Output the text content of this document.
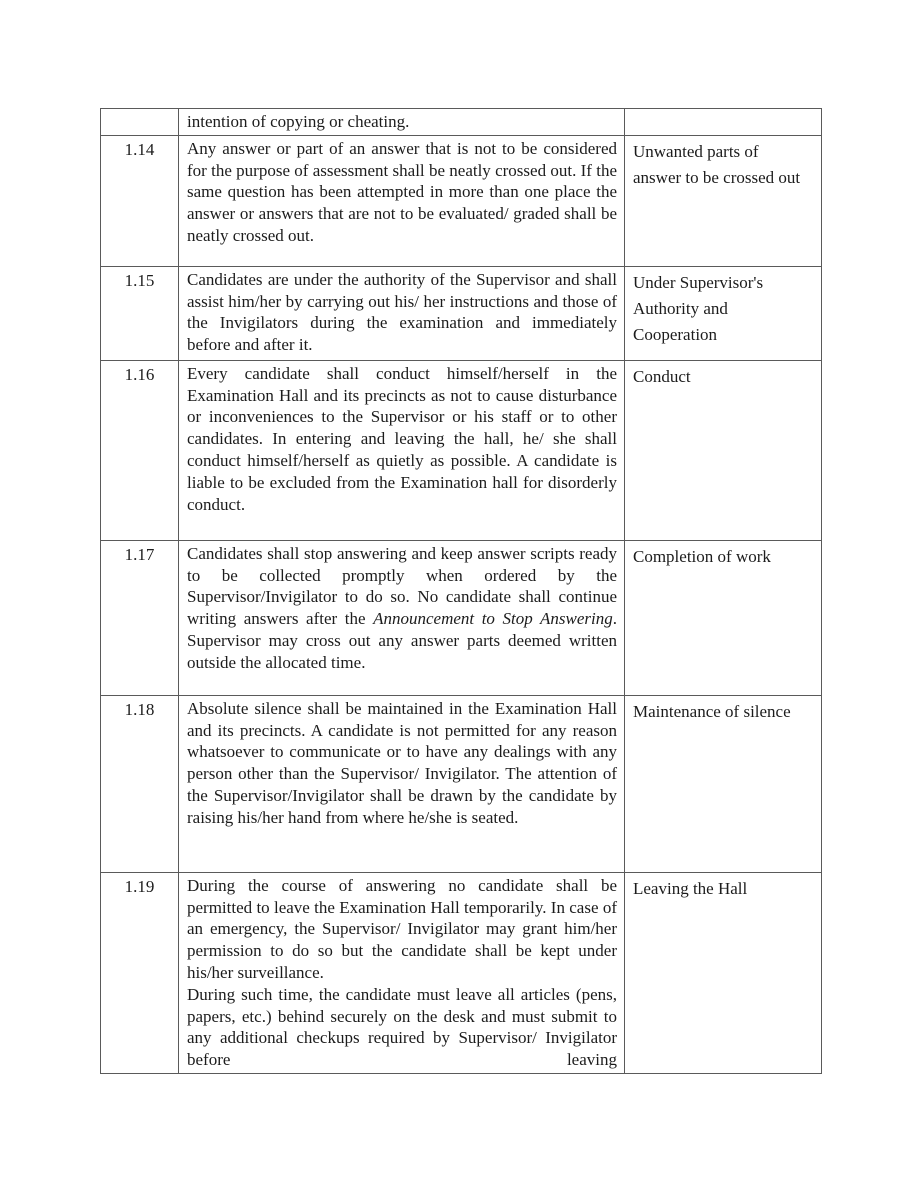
	intention of copying or cheating.	

1.14	Any answer or part of an answer that is not to be considered for the purpose of assessment shall be neatly crossed out. If the same question has been attempted in more than one place the answer or answers that are not to be evaluated/ graded shall be neatly crossed out.	Unwanted parts of answer to be crossed out
1.15	Candidates are under the authority of the Supervisor and shall assist him/her by carrying out his/ her instructions and those of the Invigilators during the examination and immediately before and after it.	Under Supervisor's Authority and Cooperation
1.16	Every candidate shall conduct himself/herself in the Examination Hall and its precincts as not to cause disturbance or inconveniences to the Supervisor or his staff or to other candidates. In entering and leaving the hall, he/ she shall conduct himself/herself as quietly as possible. A candidate is liable to be excluded from the Examination hall for disorderly conduct.	Conduct
1.17	Candidates shall stop answering and keep answer scripts ready to be collected promptly when ordered by the Supervisor/Invigilator to do so. No candidate shall continue writing answers after the Announcement to Stop Answering. Supervisor may cross out any answer parts deemed written outside the allocated time.	Completion of work
1.18	Absolute silence shall be maintained in the Examination Hall and its precincts. A candidate is not permitted for any reason whatsoever to communicate or to have any dealings with any person other than the Supervisor/ Invigilator. The attention of the Supervisor/Invigilator shall be drawn by the candidate by raising his/her hand from where he/she is seated.	Maintenance of silence
1.19	During the course of answering no candidate shall be permitted to leave the Examination Hall temporarily. In case of an emergency, the Supervisor/ Invigilator may grant him/her permission to do so but the candidate shall be kept under his/her surveillance.
During such time, the candidate must leave all articles (pens, papers, etc.) behind securely on the desk and must submit to any additional checkups required by Supervisor/ Invigilator before leaving	Leaving the Hall
